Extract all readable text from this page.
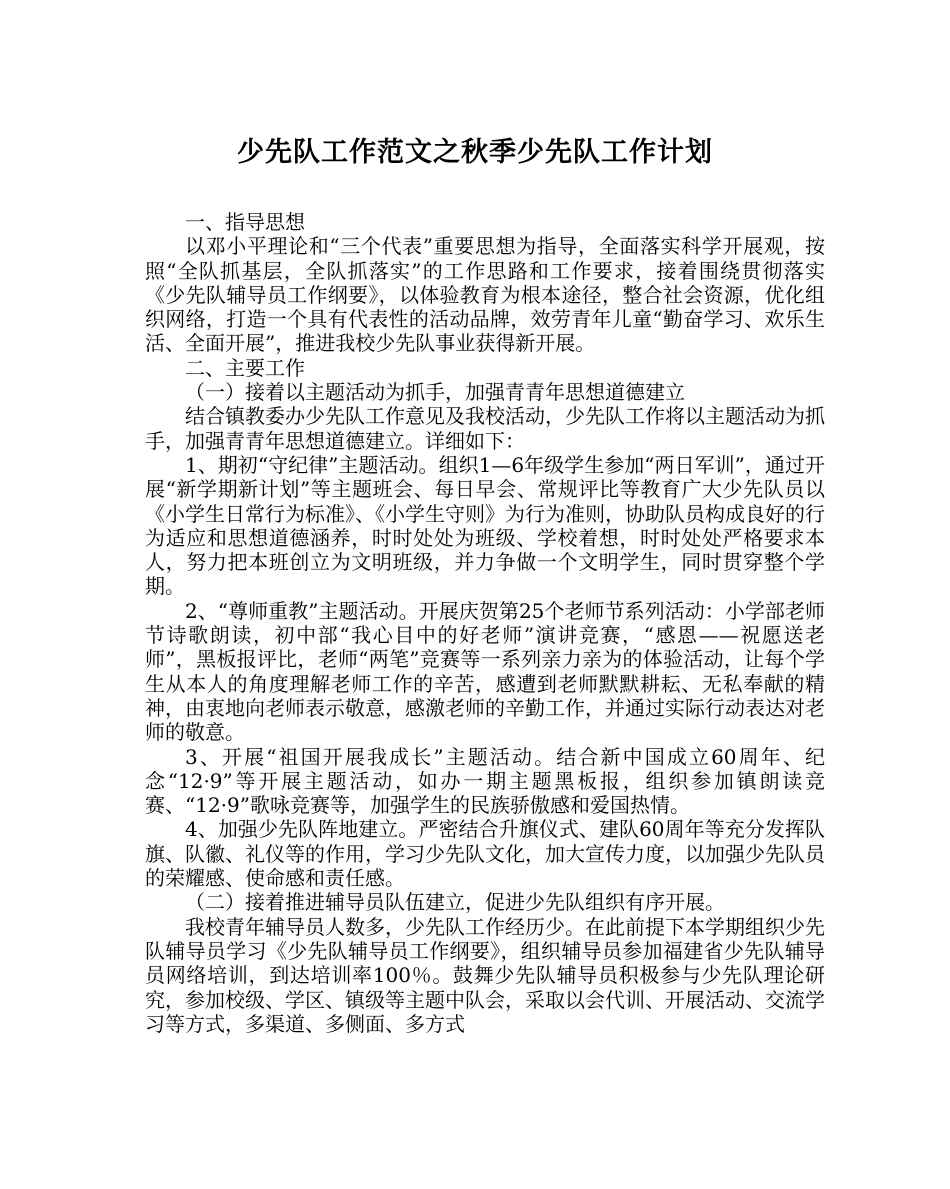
少先队工作范文之秋季少先队工作计划

一、指导思想

以邓小平理论和“三个代表”重要思想为指导，全面落实科学开展观，按照“全队抓基层，全队抓落实”的工作思路和工作要求，接着围绕贯彻落实《少先队辅导员工作纲要》，以体验教育为根本途径，整合社会资源，优化组织网络，打造一个具有代表性的活动品牌，效劳青年儿童“勤奋学习、欢乐生活、全面开展”，推进我校少先队事业获得新开展。

二、主要工作

（一）接着以主题活动为抓手，加强青青年思想道德建立

结合镇教委办少先队工作意见及我校活动，少先队工作将以主题活动为抓手，加强青青年思想道德建立。详细如下：

1、期初“守纪律”主题活动。组织1—6年级学生参加“两日军训”，通过开展“新学期新计划”等主题班会、每日早会、常规评比等教育广大少先队员以《小学生日常行为标准》、《小学生守则》为行为准则，协助队员构成良好的行为适应和思想道德涵养，时时处处为班级、学校着想，时时处处严格要求本人，努力把本班创立为文明班级，并力争做一个文明学生，同时贯穿整个学期。

2、“尊师重教”主题活动。开展庆贺第25个老师节系列活动：小学部老师节诗歌朗读，初中部“我心目中的好老师”演讲竞赛，“感恩——祝愿送老师”，黑板报评比，老师“两笔”竞赛等一系列亲力亲为的体验活动，让每个学生从本人的角度理解老师工作的辛苦，感遭到老师默默耕耘、无私奉献的精神，由衷地向老师表示敬意，感激老师的辛勤工作，并通过实际行动表达对老师的敬意。

3、开展“祖国开展我成长”主题活动。结合新中国成立60周年、纪念“12·9”等开展主题活动，如办一期主题黑板报，组织参加镇朗读竞赛、“12·9”歌咏竞赛等，加强学生的民族骄傲感和爱国热情。

4、加强少先队阵地建立。严密结合升旗仪式、建队60周年等充分发挥队旗、队徽、礼仪等的作用，学习少先队文化，加大宣传力度，以加强少先队员的荣耀感、使命感和责任感。

（二）接着推进辅导员队伍建立，促进少先队组织有序开展。

我校青年辅导员人数多，少先队工作经历少。在此前提下本学期组织少先队辅导员学习《少先队辅导员工作纲要》，组织辅导员参加福建省少先队辅导员网络培训，到达培训率100％。鼓舞少先队辅导员积极参与少先队理论研究，参加校级、学区、镇级等主题中队会，采取以会代训、开展活动、交流学习等方式，多渠道、多侧面、多方式
